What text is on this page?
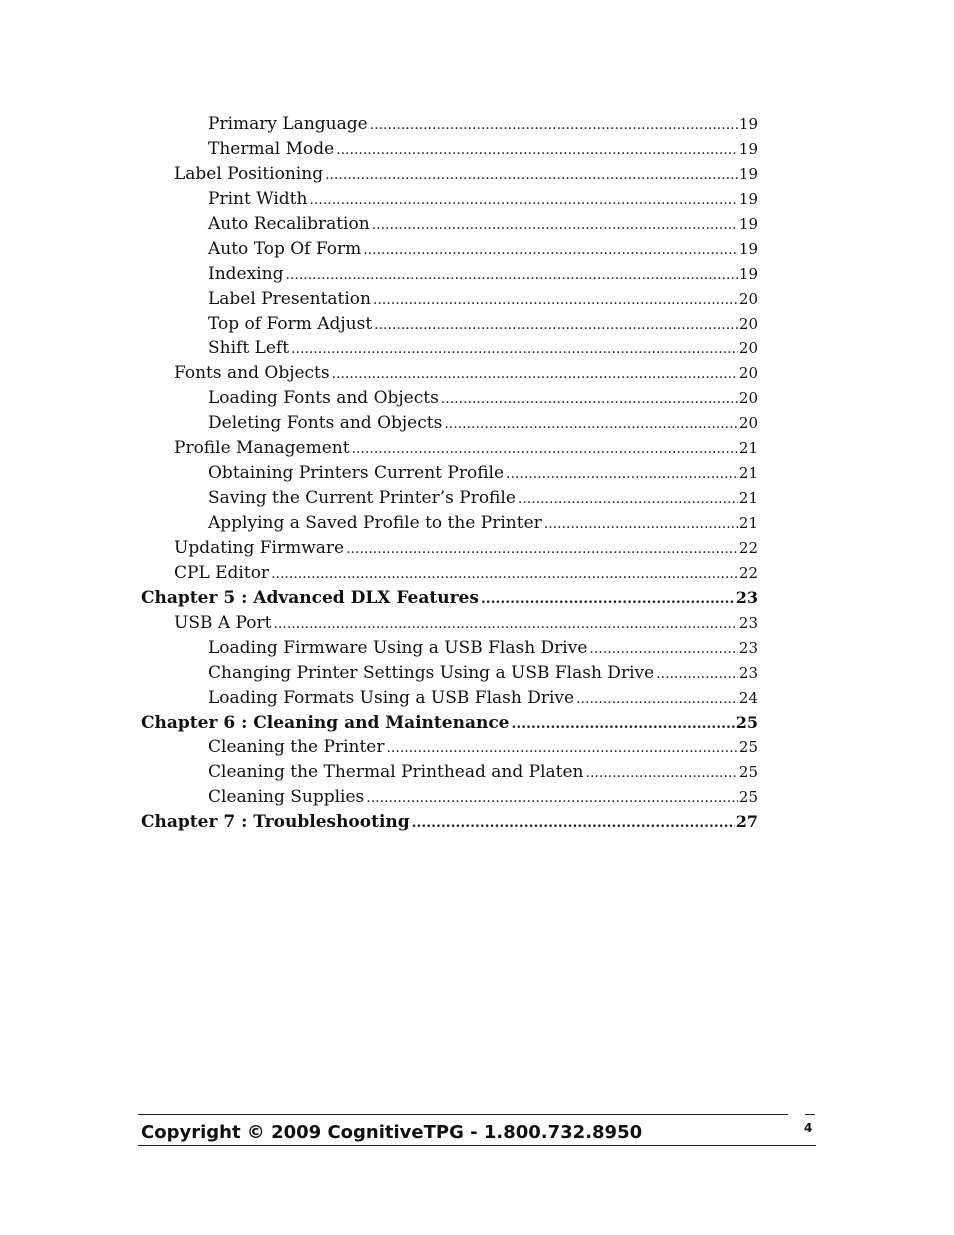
Primary Language .....	19
Thermal Mode .....	19
Label Positioning .....	19
Print Width .....	19
Auto Recalibration .....	19
Auto Top Of Form .....	19
Indexing .....	19
Label Presentation .....	20
Top of Form Adjust .....	20
Shift Left .....	20
Fonts and Objects .....	20
Loading Fonts and Objects .....	20
Deleting Fonts and Objects .....	20
Profile Management .....	21
Obtaining Printers Current Profile .....	21
Saving the Current Printer’s Profile .....	21
Applying a Saved Profile to the Printer .....	21
Updating Firmware .....	22
CPL Editor .....	22
Chapter 5 : Advanced DLX Features .....	23
USB A Port .....	23
Loading Firmware Using a USB Flash Drive .....	23
Changing Printer Settings Using a USB Flash Drive .....	23
Loading Formats Using a USB Flash Drive .....	24
Chapter 6 : Cleaning and Maintenance .....	25
Cleaning the Printer .....	25
Cleaning the Thermal Printhead and Platen .....	25
Cleaning Supplies .....	25
Chapter 7 : Troubleshooting .....	27
Copyright © 2009 CognitiveTPG - 1.800.732.8950	4
